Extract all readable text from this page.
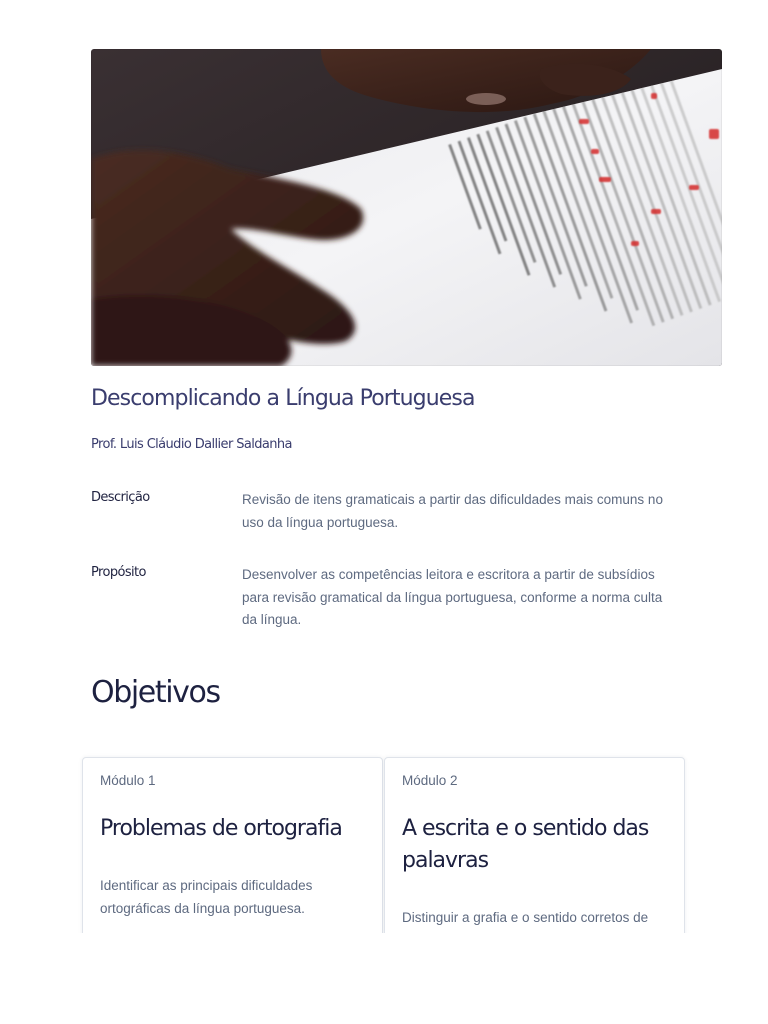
Descomplicando a Língua Portuguesa
Prof. Luis Cláudio Dallier Saldanha
Descrição	Revisão de itens gramaticais a partir das dificuldades mais comuns no uso da língua portuguesa.
Propósito	Desenvolver as competências leitora e escritora a partir de subsídios para revisão gramatical da língua portuguesa, conforme a norma culta da língua.
Objetivos
Módulo 1
Problemas de ortografia
Identificar as principais dificuldades ortográficas da língua portuguesa.
Módulo 2
A escrita e o sentido das palavras
Distinguir a grafia e o sentido corretos de
